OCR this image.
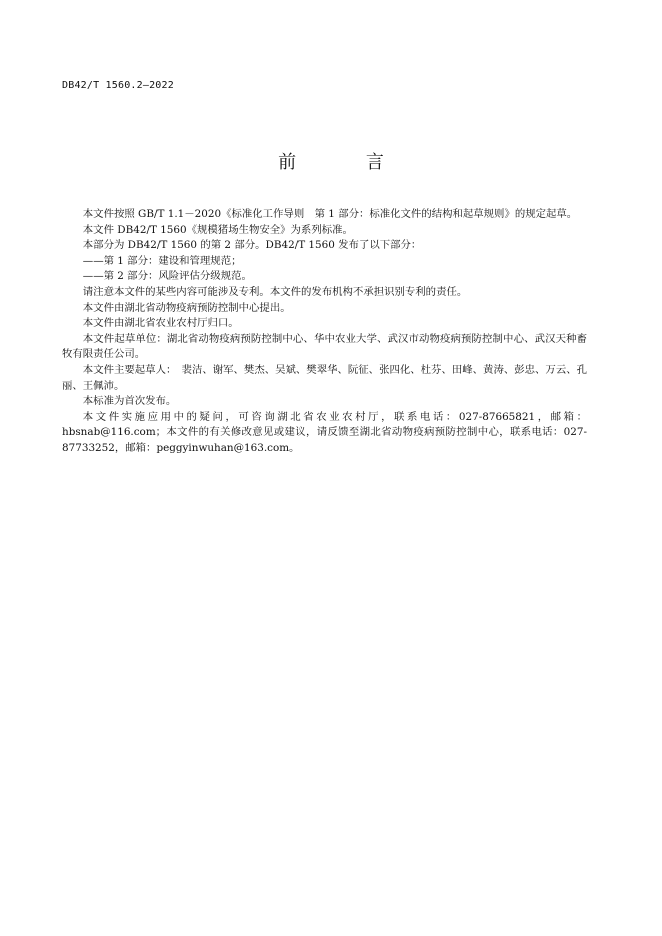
DB42/T 1560.2—2022
前 言

本文件按照 GB/T 1.1－2020《标准化工作导则　第 1 部分：标准化文件的结构和起草规则》的规定起草。

本文件 DB42/T 1560《规模猪场生物安全》为系列标准。

本部分为 DB42/T 1560 的第 2 部分。DB42/T 1560 发布了以下部分：

——第 1 部分：建设和管理规范；

——第 2 部分：风险评估分级规范。

请注意本文件的某些内容可能涉及专利。本文件的发布机构不承担识别专利的责任。

本文件由湖北省动物疫病预防控制中心提出。

本文件由湖北省农业农村厅归口。

本文件起草单位：湖北省动物疫病预防控制中心、华中农业大学、武汉市动物疫病预防控制中心、武汉天种畜牧有限责任公司。

本文件主要起草人：　裴洁、谢军、樊杰、吴斌、樊翠华、阮征、张四化、杜芬、田峰、黄涛、彭忠、万云、孔丽、王佩沛。

本标准为首次发布。

本文件实施应用中的疑问，可咨询湖北省农业农村厅，联系电话：027-87665821，邮箱：hbsnab@116.com；本文件的有关修改意见或建议，请反馈至湖北省动物疫病预防控制中心，联系电话：027-87733252，邮箱：peggyinwuhan@163.com。
